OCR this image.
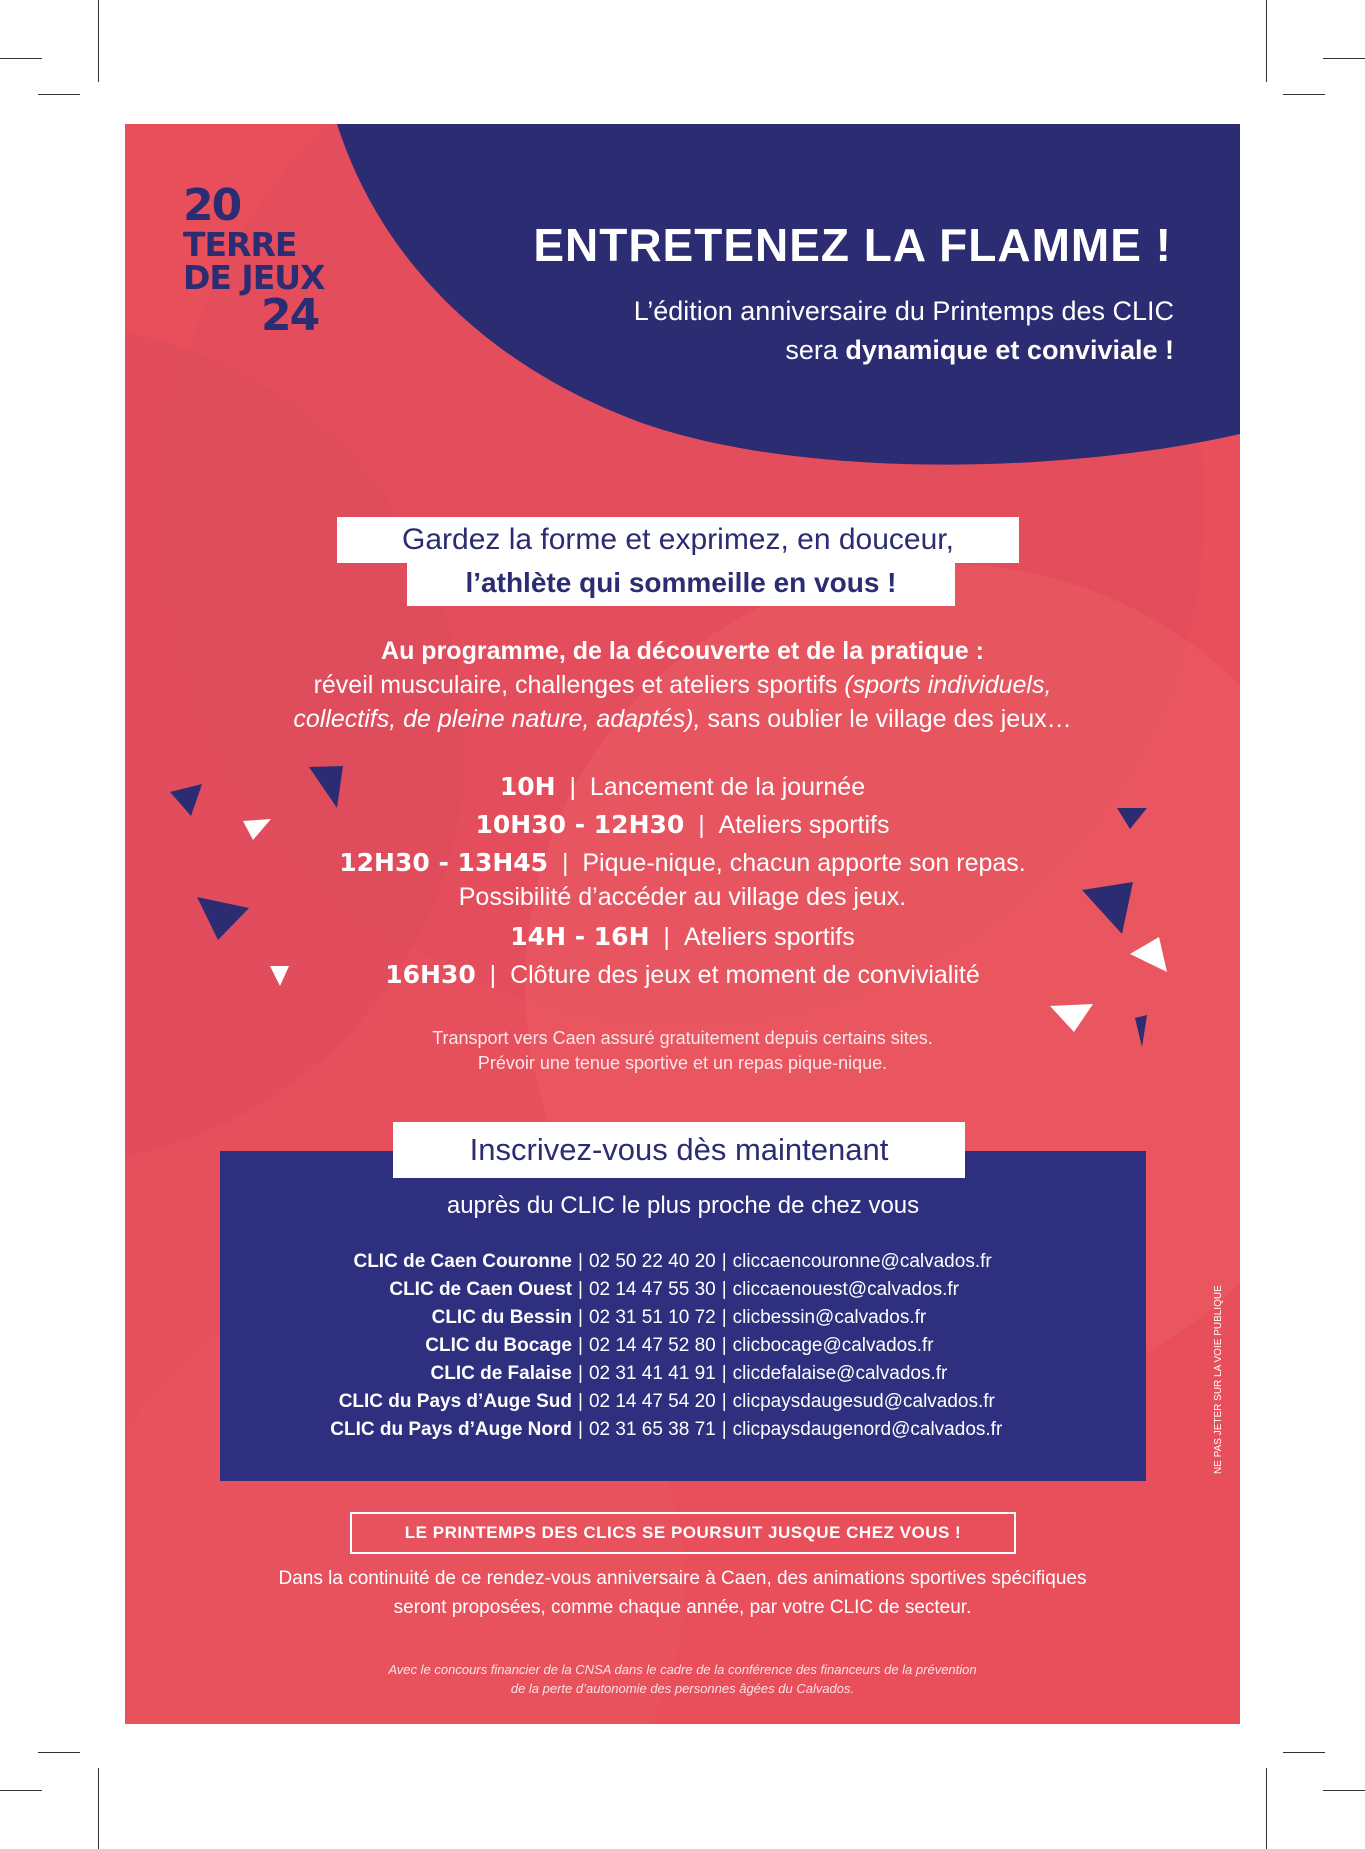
20
TERRE
DE JEUX
24
ENTRETENEZ LA FLAMME !
L’édition anniversaire du Printemps des CLIC
sera dynamique et conviviale !
Gardez la forme et exprimez, en douceur,
l’athlète qui sommeille en vous !
Au programme, de la découverte et de la pratique :
réveil musculaire, challenges et ateliers sportifs (sports individuels,
collectifs, de pleine nature, adaptés), sans oublier le village des jeux…
10H | Lancement de la journée
10H30 - 12H30 | Ateliers sportifs
12H30 - 13H45 | Pique-nique, chacun apporte son repas.
Possibilité d’accéder au village des jeux.
14H - 16H | Ateliers sportifs
16H30 | Clôture des jeux et moment de convivialité
Transport vers Caen assuré gratuitement depuis certains sites.
Prévoir une tenue sportive et un repas pique-nique.
Inscrivez-vous dès maintenant
auprès du CLIC le plus proche de chez vous
CLIC de Caen Couronne | 02 50 22 40 20 | cliccaencouronne@calvados.fr
CLIC de Caen Ouest | 02 14 47 55 30 | cliccaenouest@calvados.fr
CLIC du Bessin | 02 31 51 10 72 | clicbessin@calvados.fr
CLIC du Bocage | 02 14 47 52 80 | clicbocage@calvados.fr
CLIC de Falaise | 02 31 41 41 91 | clicdefalaise@calvados.fr
CLIC du Pays d’Auge Sud | 02 14 47 54 20 | clicpaysdaugesud@calvados.fr
CLIC du Pays d’Auge Nord | 02 31 65 38 71 | clicpaysdaugenord@calvados.fr
LE PRINTEMPS DES CLICS SE POURSUIT JUSQUE CHEZ VOUS !
Dans la continuité de ce rendez-vous anniversaire à Caen, des animations sportives spécifiques
seront proposées, comme chaque année, par votre CLIC de secteur.
Avec le concours financier de la CNSA dans le cadre de la conférence des financeurs de la prévention
de la perte d’autonomie des personnes âgées du Calvados.
NE PAS JETER SUR LA VOIE PUBLIQUE
